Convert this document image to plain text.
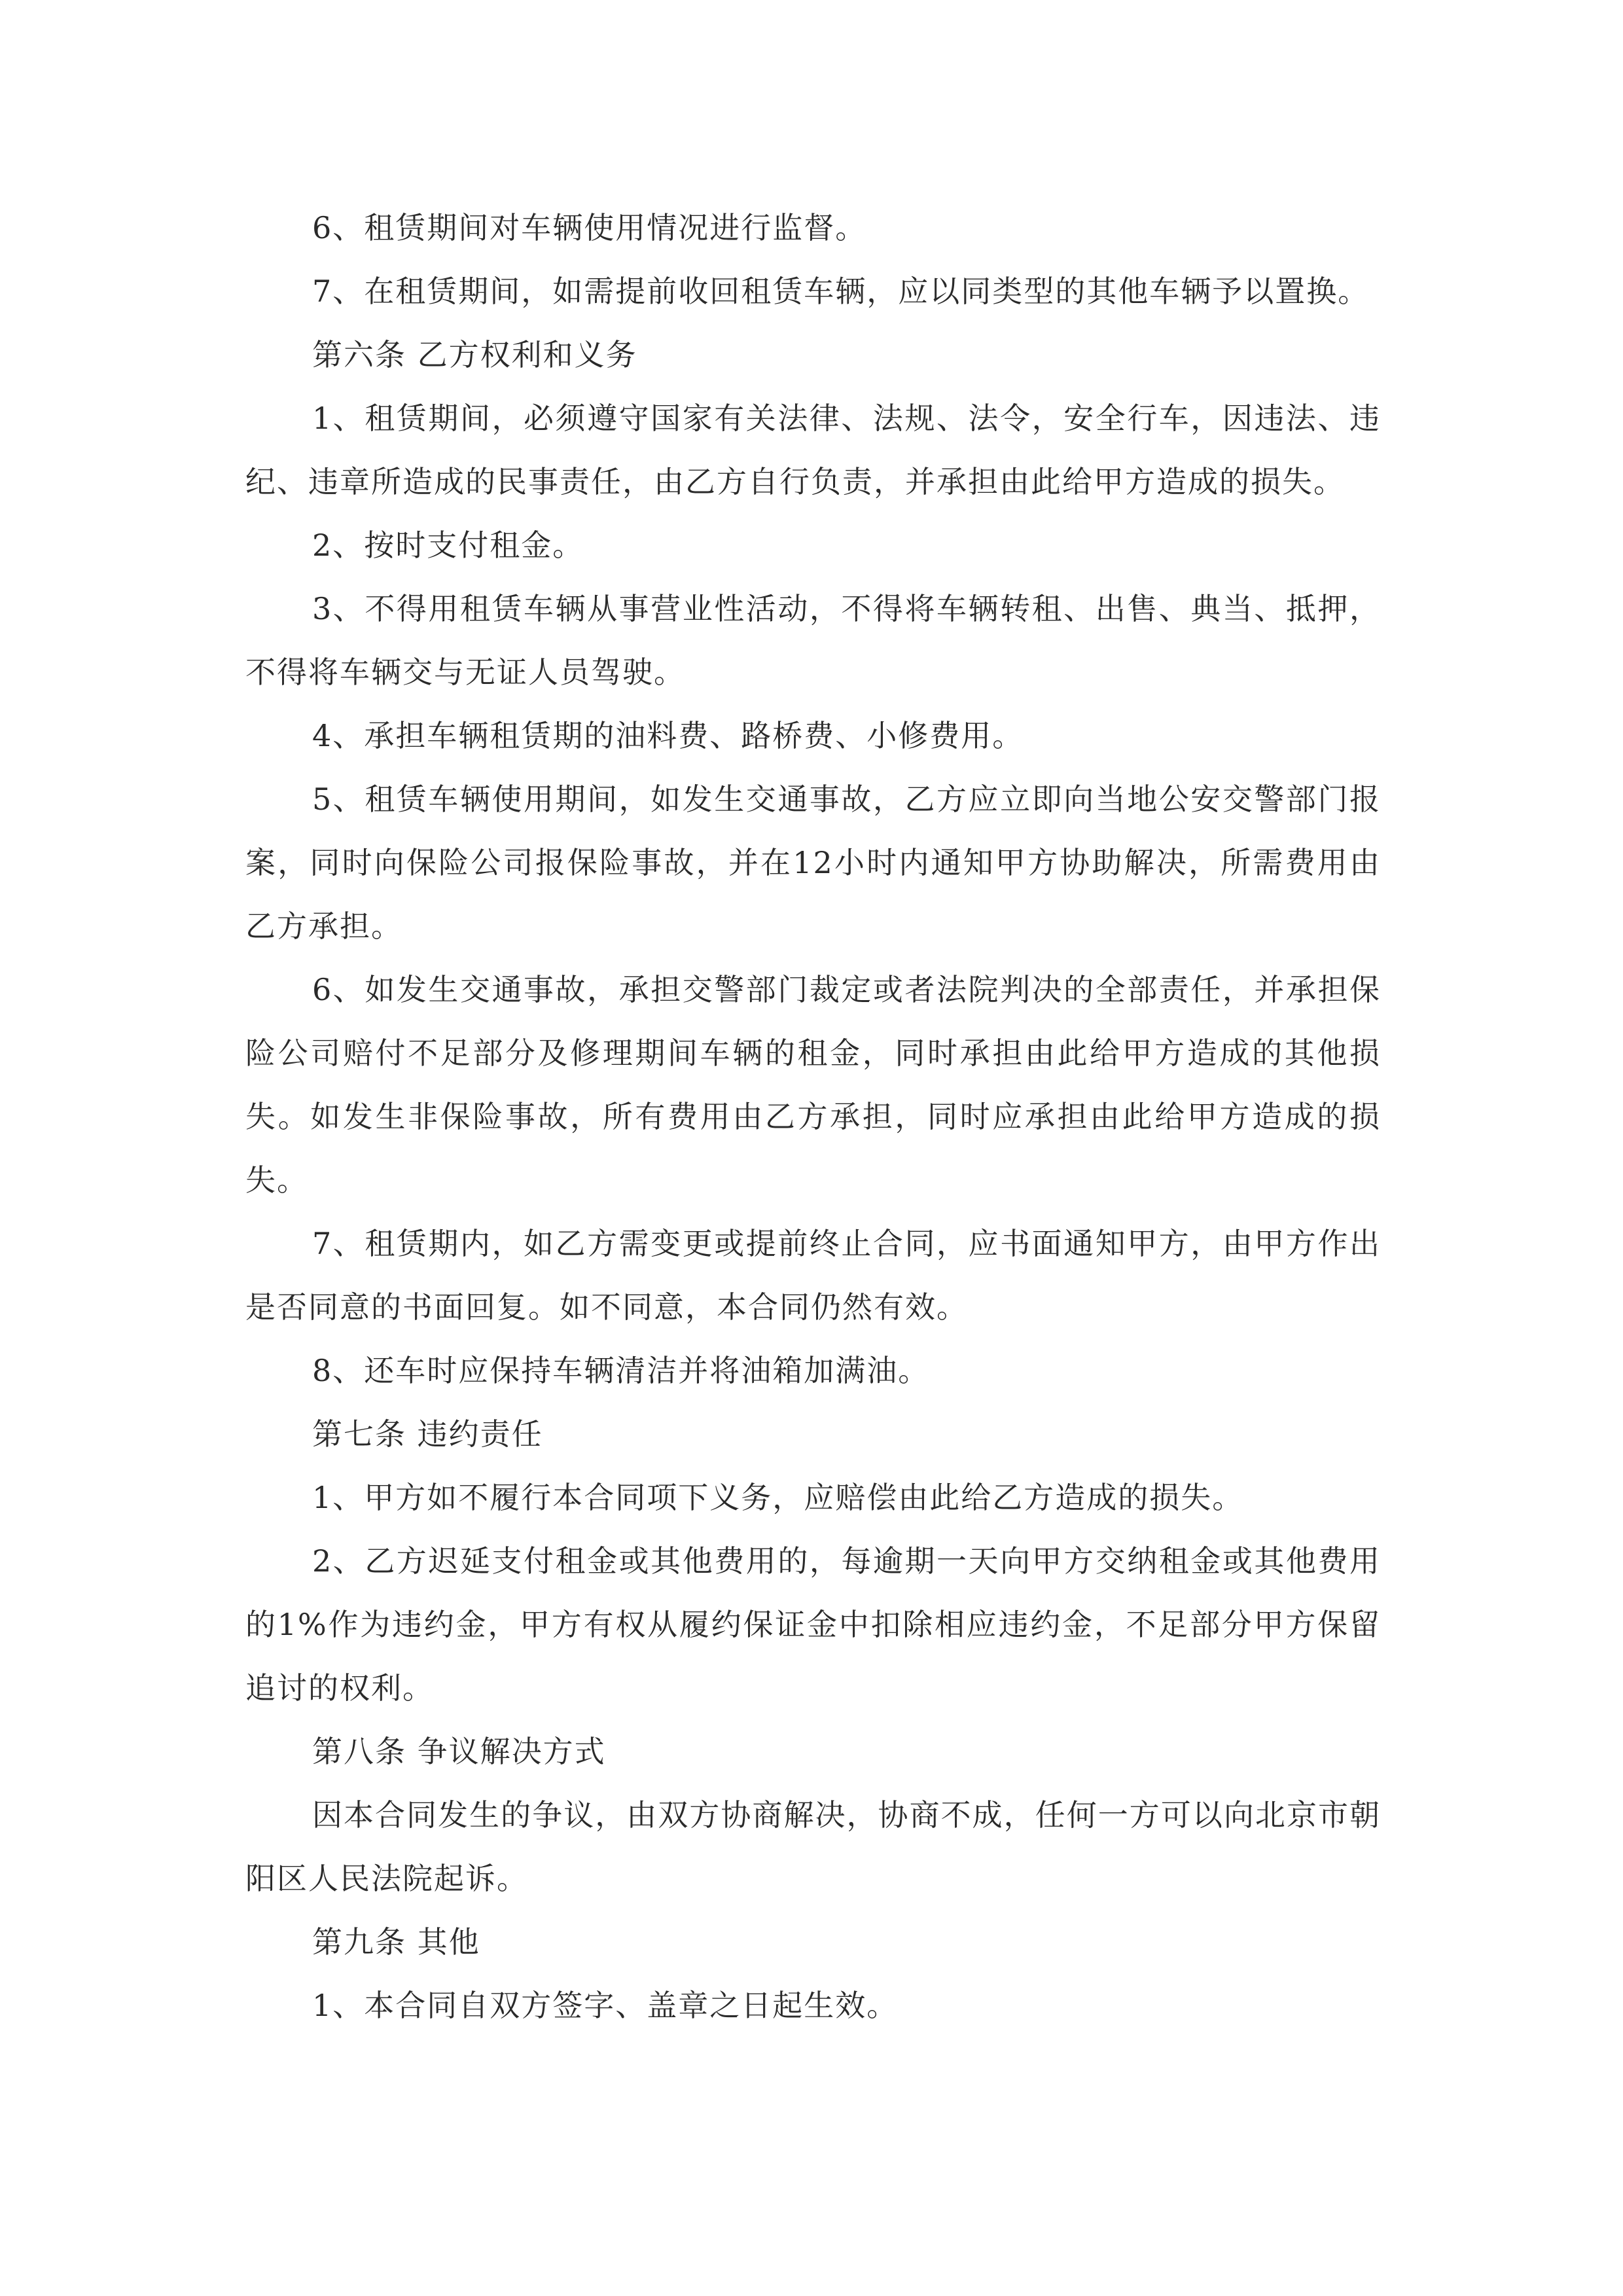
6、租赁期间对车辆使用情况进行监督。

7、在租赁期间，如需提前收回租赁车辆，应以同类型的其他车辆予以置换。

第六条 乙方权利和义务

1、租赁期间，必须遵守国家有关法律、法规、法令，安全行车，因违法、违纪、违章所造成的民事责任，由乙方自行负责，并承担由此给甲方造成的损失。

2、按时支付租金。

3、不得用租赁车辆从事营业性活动，不得将车辆转租、出售、典当、抵押，不得将车辆交与无证人员驾驶。

4、承担车辆租赁期的油料费、路桥费、小修费用。

5、租赁车辆使用期间，如发生交通事故，乙方应立即向当地公安交警部门报案，同时向保险公司报保险事故，并在12小时内通知甲方协助解决，所需费用由乙方承担。

6、如发生交通事故，承担交警部门裁定或者法院判决的全部责任，并承担保险公司赔付不足部分及修理期间车辆的租金，同时承担由此给甲方造成的其他损失。如发生非保险事故，所有费用由乙方承担，同时应承担由此给甲方造成的损失。

7、租赁期内，如乙方需变更或提前终止合同，应书面通知甲方，由甲方作出是否同意的书面回复。如不同意，本合同仍然有效。

8、还车时应保持车辆清洁并将油箱加满油。

第七条 违约责任

1、甲方如不履行本合同项下义务，应赔偿由此给乙方造成的损失。

2、乙方迟延支付租金或其他费用的，每逾期一天向甲方交纳租金或其他费用的1%作为违约金，甲方有权从履约保证金中扣除相应违约金，不足部分甲方保留追讨的权利。

第八条 争议解决方式

因本合同发生的争议，由双方协商解决，协商不成，任何一方可以向北京市朝阳区人民法院起诉。

第九条 其他

1、本合同自双方签字、盖章之日起生效。
